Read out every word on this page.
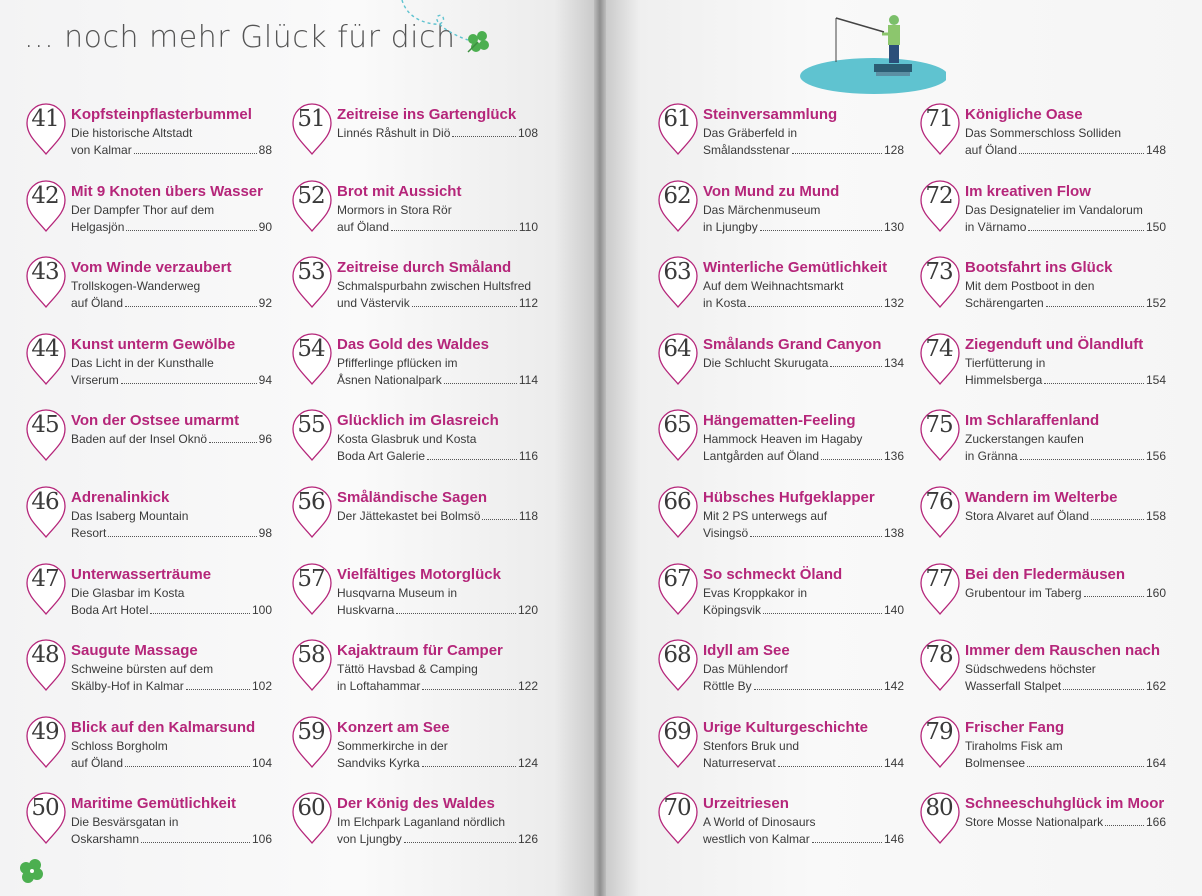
... noch mehr Glück für dich
41 Kopfsteinpflasterbummel
Die historische Altstadt
von Kalmar	88
42 Mit 9 Knoten übers Wasser
Der Dampfer Thor auf dem
Helgasjön	90
43 Vom Winde verzaubert
Trollskogen-Wanderweg
auf Öland	92
44 Kunst unterm Gewölbe
Das Licht in der Kunsthalle
Virserum	94
45 Von der Ostsee umarmt
Baden auf der Insel Oknö	96
46 Adrenalinkick
Das Isaberg Mountain
Resort	98
47 Unterwasserträume
Die Glasbar im Kosta
Boda Art Hotel	100
48 Saugute Massage
Schweine bürsten auf dem
Skälby-Hof in Kalmar	102
49 Blick auf den Kalmarsund
Schloss Borgholm
auf Öland	104
50 Maritime Gemütlichkeit
Die Besvärsgatan in
Oskarshamn	106
51 Zeitreise ins Gartenglück
Linnés Råshult in Diö	108
52 Brot mit Aussicht
Mormors in Stora Rör
auf Öland	110
53 Zeitreise durch Småland
Schmalspurbahn zwischen Hultsfred
und Västervik	112
54 Das Gold des Waldes
Pfifferlinge pflücken im
Åsnen Nationalpark	114
55 Glücklich im Glasreich
Kosta Glasbruk und Kosta
Boda Art Galerie	116
56 Småländische Sagen
Der Jättekastet bei Bolmsö	118
57 Vielfältiges Motorglück
Husqvarna Museum in
Huskvarna	120
58 Kajaktraum für Camper
Tättö Havsbad & Camping
in Loftahammar	122
59 Konzert am See
Sommerkirche in der
Sandviks Kyrka	124
60 Der König des Waldes
Im Elchpark Laganland nördlich
von Ljungby	126
61 Steinversammlung
Das Gräberfeld in
Smålandsstenar	128
62 Von Mund zu Mund
Das Märchenmuseum
in Ljungby	130
63 Winterliche Gemütlichkeit
Auf dem Weihnachtsmarkt
in Kosta	132
64 Smålands Grand Canyon
Die Schlucht Skurugata	134
65 Hängematten-Feeling
Hammock Heaven im Hagaby
Lantgården auf Öland	136
66 Hübsches Hufgeklapper
Mit 2 PS unterwegs auf
Visingsö	138
67 So schmeckt Öland
Evas Kroppkakor in
Köpingsvik	140
68 Idyll am See
Das Mühlendorf
Röttle By	142
69 Urige Kulturgeschichte
Stenfors Bruk und
Naturreservat	144
70 Urzeitriesen
A World of Dinosaurs
westlich von Kalmar	146
71 Königliche Oase
Das Sommerschloss Solliden
auf Öland	148
72 Im kreativen Flow
Das Designatelier im Vandalorum
in Värnamo	150
73 Bootsfahrt ins Glück
Mit dem Postboot in den
Schärengarten	152
74 Ziegenduft und Ölandluft
Tierfütterung in
Himmelsberga	154
75 Im Schlaraffenland
Zuckerstangen kaufen
in Gränna	156
76 Wandern im Welterbe
Stora Alvaret auf Öland	158
77 Bei den Fledermäusen
Grubentour im Taberg	160
78 Immer dem Rauschen nach
Südschwedens höchster
Wasserfall Stalpet	162
79 Frischer Fang
Tiraholms Fisk am
Bolmensee	164
80 Schneeschuhglück im Moor
Store Mosse Nationalpark	166
